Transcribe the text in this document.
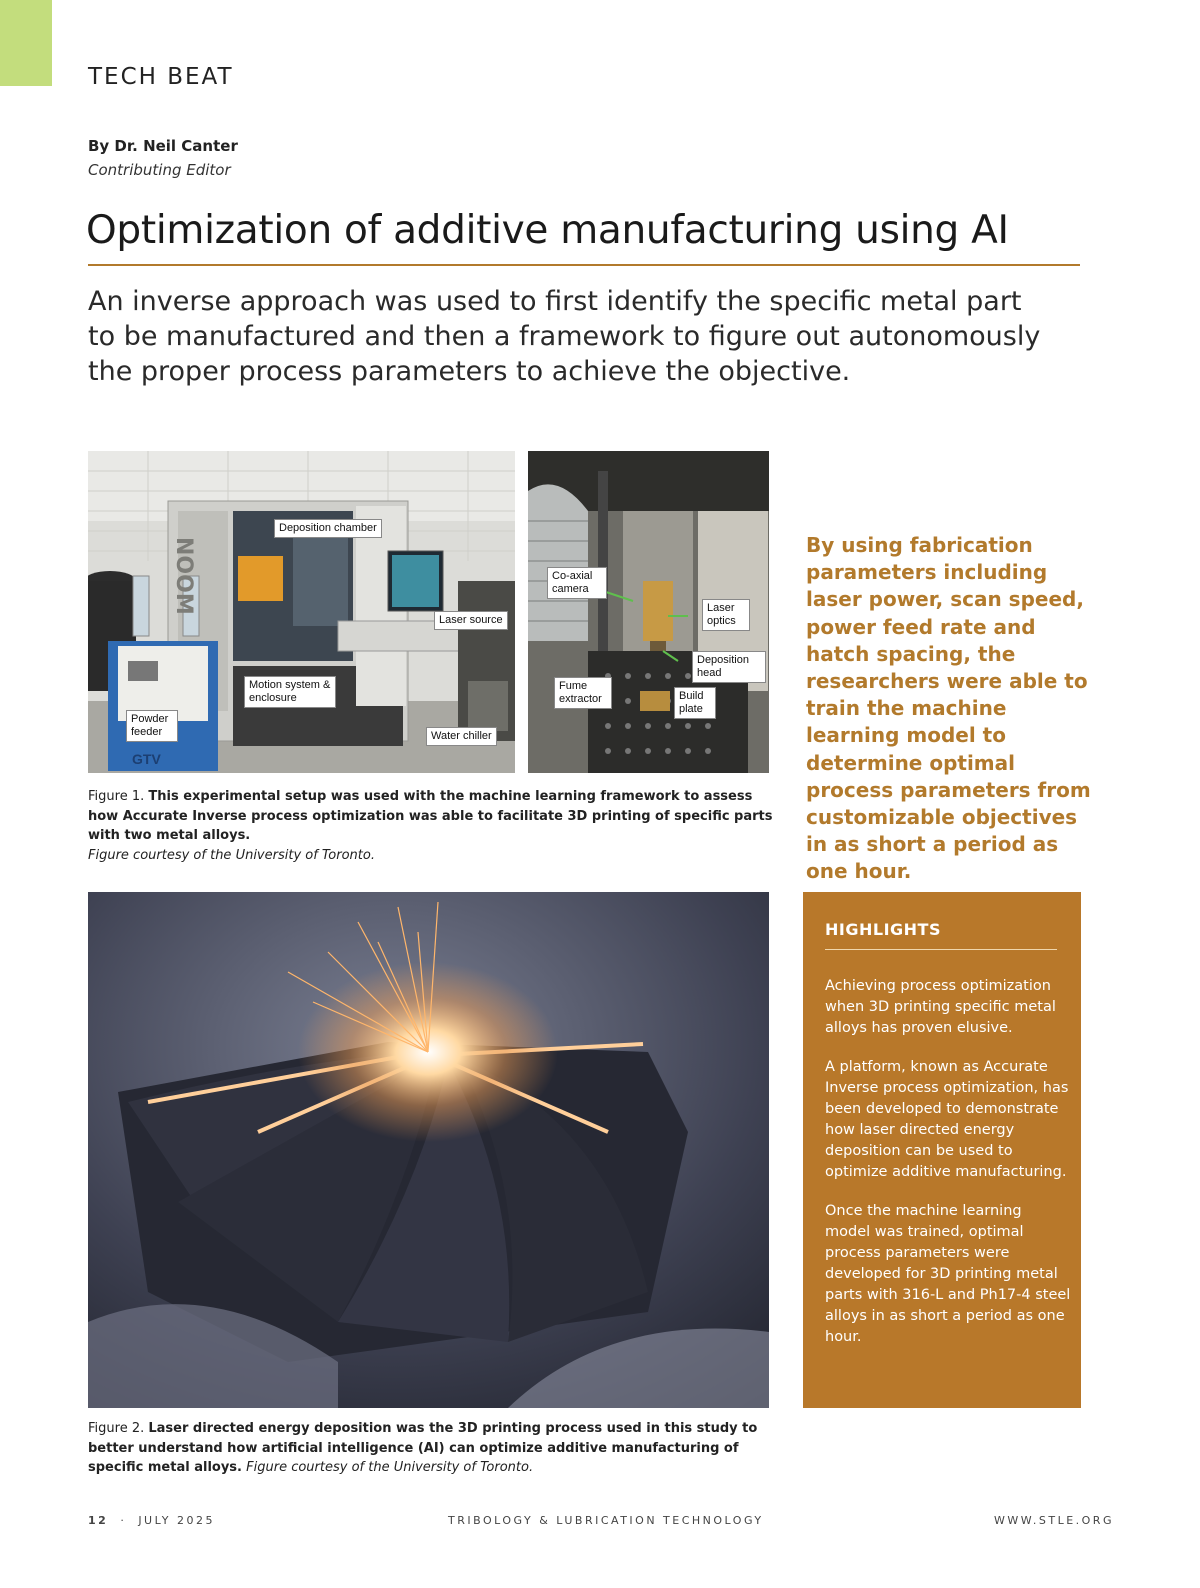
TECH BEAT
By Dr. Neil Canter
Contributing Editor
Optimization of additive manufacturing using AI
An inverse approach was used to first identify the specific metal part to be manufactured and then a framework to figure out autonomously the proper process parameters to achieve the objective.
Deposition chamber
Laser source
Motion system & enclosure
Powder feeder	Water chiller
NOOM
GTV
Co-axial camera
Laser optics
Deposition head
Fume extractor	Build plate
Figure 1. This experimental setup was used with the machine learning framework to assess how Accurate Inverse process optimization was able to facilitate 3D printing of specific parts with two metal alloys.
Figure courtesy of the University of Toronto.
By using fabrication parameters including laser power, scan speed, power feed rate and hatch spacing, the researchers were able to train the machine learning model to determine optimal process parameters from customizable objectives in as short a period as one hour.
Figure 2. Laser directed energy deposition was the 3D printing process used in this study to better understand how artificial intelligence (AI) can optimize additive manufacturing of specific metal alloys. Figure courtesy of the University of Toronto.
HIGHLIGHTS

Achieving process optimization when 3D printing specific metal alloys has proven elusive.

A platform, known as Accurate Inverse process optimization, has been developed to demonstrate how laser directed energy deposition can be used to optimize additive manufacturing.

Once the machine learning model was trained, optimal process parameters were developed for 3D printing metal parts with 316-L and Ph17-4 steel alloys in as short a period as one hour.

12 · JULY 2025	TRIBOLOGY & LUBRICATION TECHNOLOGY	WWW.STLE.ORG
